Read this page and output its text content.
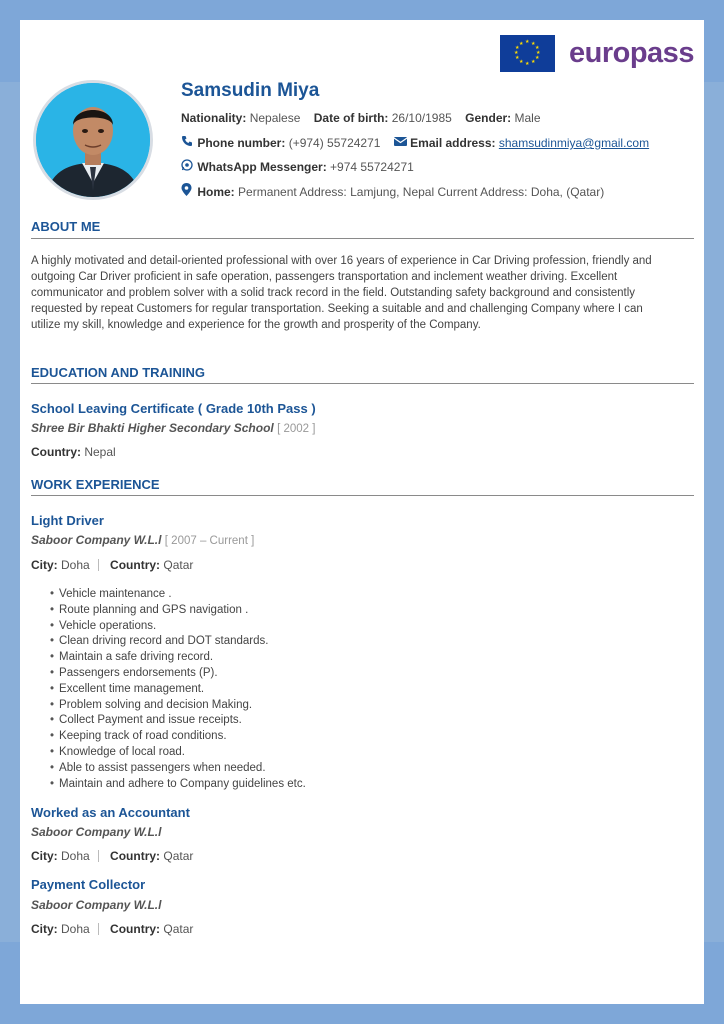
★ ★
★
★
★
★
★
★
★
★
★
★ europass
Samsudin Miya
Nationality: Nepalese Date of birth: 26/10/1985 Gender: Male
Phone number: (+974) 55724271 Email address: shamsudinmiya@gmail.com
WhatsApp Messenger: +974 55724271
Home: Permanent Address: Lamjung, Nepal Current Address: Doha, (Qatar)
ABOUT ME
A highly motivated and detail-oriented professional with over 16 years of experience in Car Driving profession, friendly and outgoing Car Driver proficient in safe operation, passengers transportation and inclement weather driving. Excellent communicator and problem solver with a solid track record in the field. Outstanding safety background and consistently requested by repeat Customers for regular transportation. Seeking a suitable and and challenging Company where I can utilize my skill, knowledge and experience for the growth and prosperity of the Company.
EDUCATION AND TRAINING
School Leaving Certificate ( Grade 10th Pass )
Shree Bir Bhakti Higher Secondary School [ 2002 ]
Country: Nepal
WORK EXPERIENCE
Light Driver
Saboor Company W.L.l [ 2007 – Current ]
City: Doha Country: Qatar
• Vehicle maintenance .
• Route planning and GPS navigation .
• Vehicle operations.
• Clean driving record and DOT standards.
• Maintain a safe driving record.
• Passengers endorsements (P).
• Excellent time management.
• Problem solving and decision Making.
• Collect Payment and issue receipts.
• Keeping track of road conditions.
• Knowledge of local road.
• Able to assist passengers when needed.
• Maintain and adhere to Company guidelines etc.
Worked as an Accountant
Saboor Company W.L.l
City: Doha Country: Qatar
Payment Collector
Saboor Company W.L.l
City: Doha Country: Qatar
